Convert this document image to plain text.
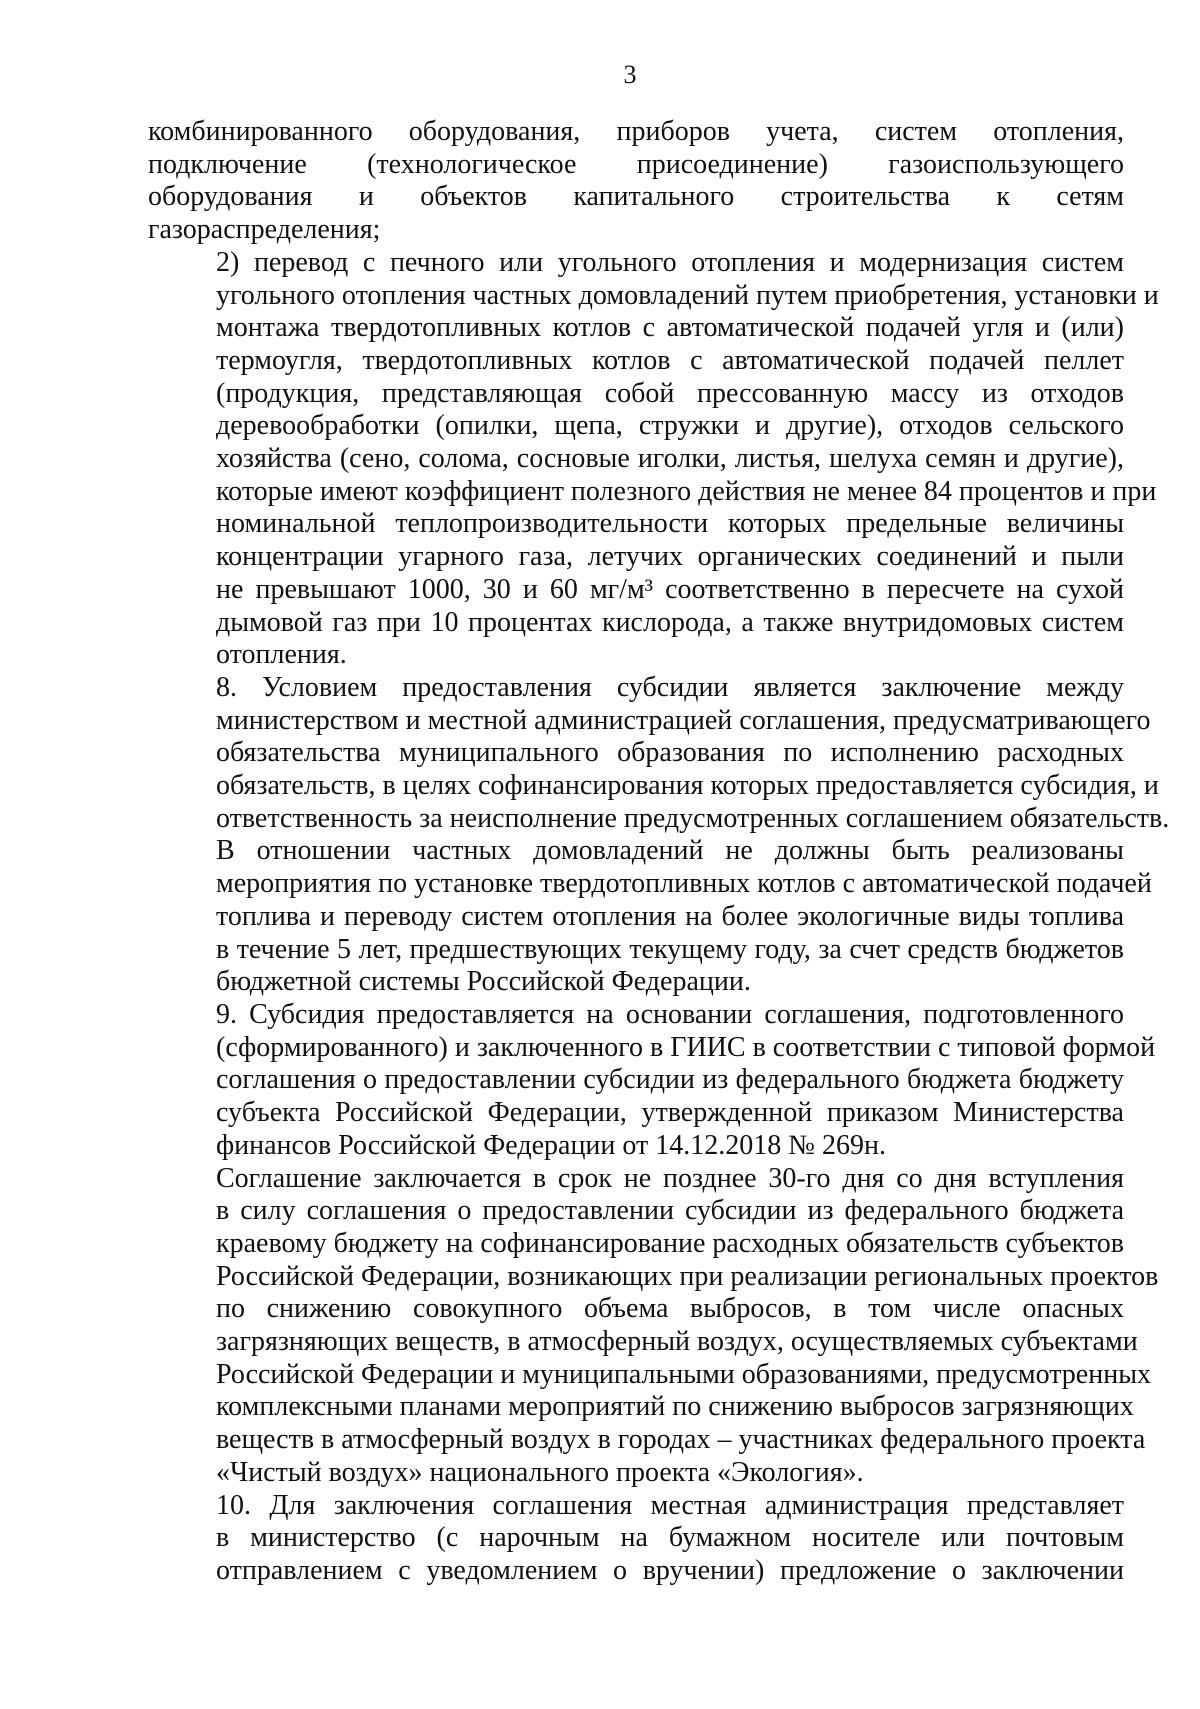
3

комбинированного оборудования, приборов учета, систем отопления,
подключение (технологическое присоединение) газоиспользующего
оборудования и объектов капитального строительства к сетям
газораспределения;

2) перевод с печного или угольного отопления и модернизация систем
угольного отопления частных домовладений путем приобретения, установки и
монтажа твердотопливных котлов с автоматической подачей угля и (или)
термоугля, твердотопливных котлов с автоматической подачей пеллет
(продукция, представляющая собой прессованную массу из отходов
деревообработки (опилки, щепа, стружки и другие), отходов сельского
хозяйства (сено, солома, сосновые иголки, листья, шелуха семян и другие),
которые имеют коэффициент полезного действия не менее 84 процентов и при
номинальной теплопроизводительности которых предельные величины
концентрации угарного газа, летучих органических соединений и пыли
не превышают 1000, 30 и 60 мг/м³ соответственно в пересчете на сухой
дымовой газ при 10 процентах кислорода, а также внутридомовых систем
отопления.

8. Условием предоставления субсидии является заключение между
министерством и местной администрацией соглашения, предусматривающего
обязательства муниципального образования по исполнению расходных
обязательств, в целях софинансирования которых предоставляется субсидия, и
ответственность за неисполнение предусмотренных соглашением обязательств.

В отношении частных домовладений не должны быть реализованы
мероприятия по установке твердотопливных котлов с автоматической подачей
топлива и переводу систем отопления на более экологичные виды топлива
в течение 5 лет, предшествующих текущему году, за счет средств бюджетов
бюджетной системы Российской Федерации.

9. Субсидия предоставляется на основании соглашения, подготовленного
(сформированного) и заключенного в ГИИС в соответствии с типовой формой
соглашения о предоставлении субсидии из федерального бюджета бюджету
субъекта Российской Федерации, утвержденной приказом Министерства
финансов Российской Федерации от 14.12.2018 № 269н.

Соглашение заключается в срок не позднее 30-го дня со дня вступления
в силу соглашения о предоставлении субсидии из федерального бюджета
краевому бюджету на софинансирование расходных обязательств субъектов
Российской Федерации, возникающих при реализации региональных проектов
по снижению совокупного объема выбросов, в том числе опасных
загрязняющих веществ, в атмосферный воздух, осуществляемых субъектами
Российской Федерации и муниципальными образованиями, предусмотренных
комплексными планами мероприятий по снижению выбросов загрязняющих
веществ в атмосферный воздух в городах – участниках федерального проекта
«Чистый воздух» национального проекта «Экология».

10. Для заключения соглашения местная администрация представляет
в министерство (с нарочным на бумажном носителе или почтовым
отправлением с уведомлением о вручении) предложение о заключении
